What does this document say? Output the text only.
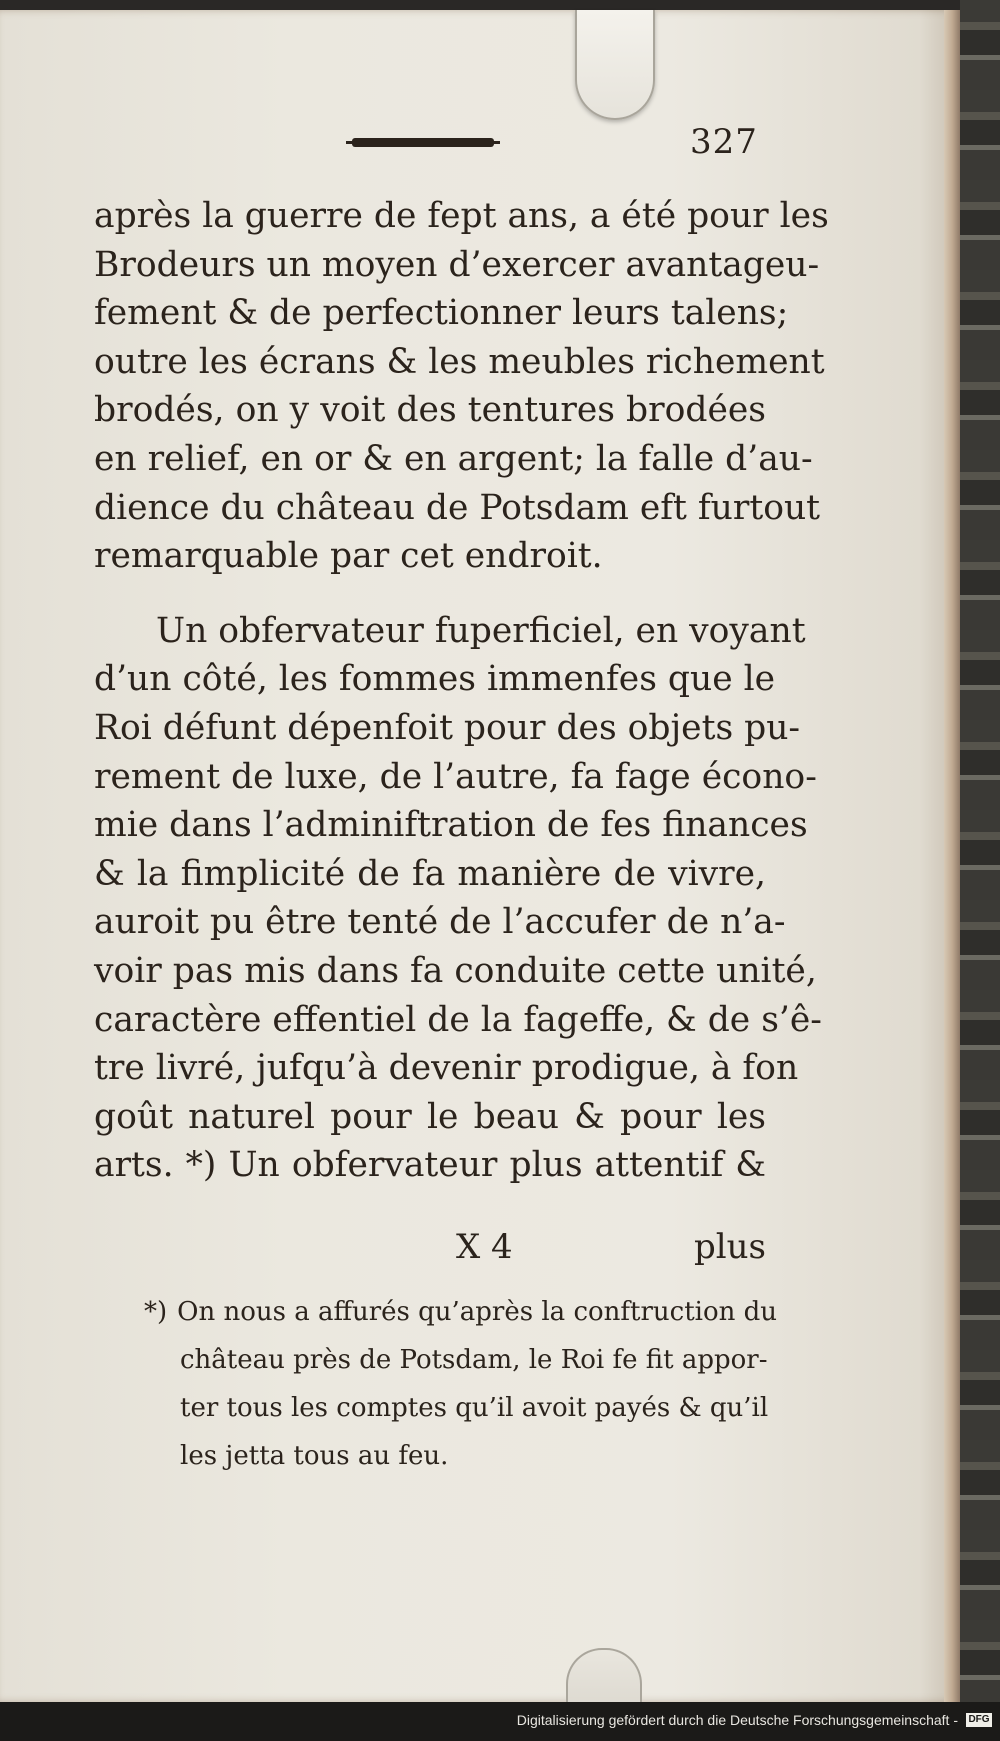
327
après la guerre de fept ans, a été pour les
Brodeurs un moyen d’exercer avantageu-
fement & de perfectionner leurs talens;
outre les écrans & les meubles richement
brodés, on y voit des tentures brodées
en relief, en or & en argent; la falle d’au-
dience du château de Potsdam eft furtout
remarquable par cet endroit.
Un obfervateur fuperficiel, en voyant
d’un côté, les fommes immenfes que le
Roi défunt dépenfoit pour des objets pu-
rement de luxe, de l’autre, fa fage écono-
mie dans l’adminiftration de fes finances
& la fimplicité de fa manière de vivre,
auroit pu être tenté de l’accufer de n’a-
voir pas mis dans fa conduite cette unité,
caractère effentiel de la fageffe, & de s’ê-
tre livré, jufqu’à devenir prodigue, à fon
goût naturel pour le beau & pour les
arts. *) Un obfervateur plus attentif &
X 4	plus
*) On nous a affurés qu’après la conftruction du
château près de Potsdam, le Roi fe fit appor-
ter tous les comptes qu’il avoit payés & qu’il
les jetta tous au feu.
Digitalisierung gefördert durch die Deutsche Forschungsgemeinschaft - DFG
